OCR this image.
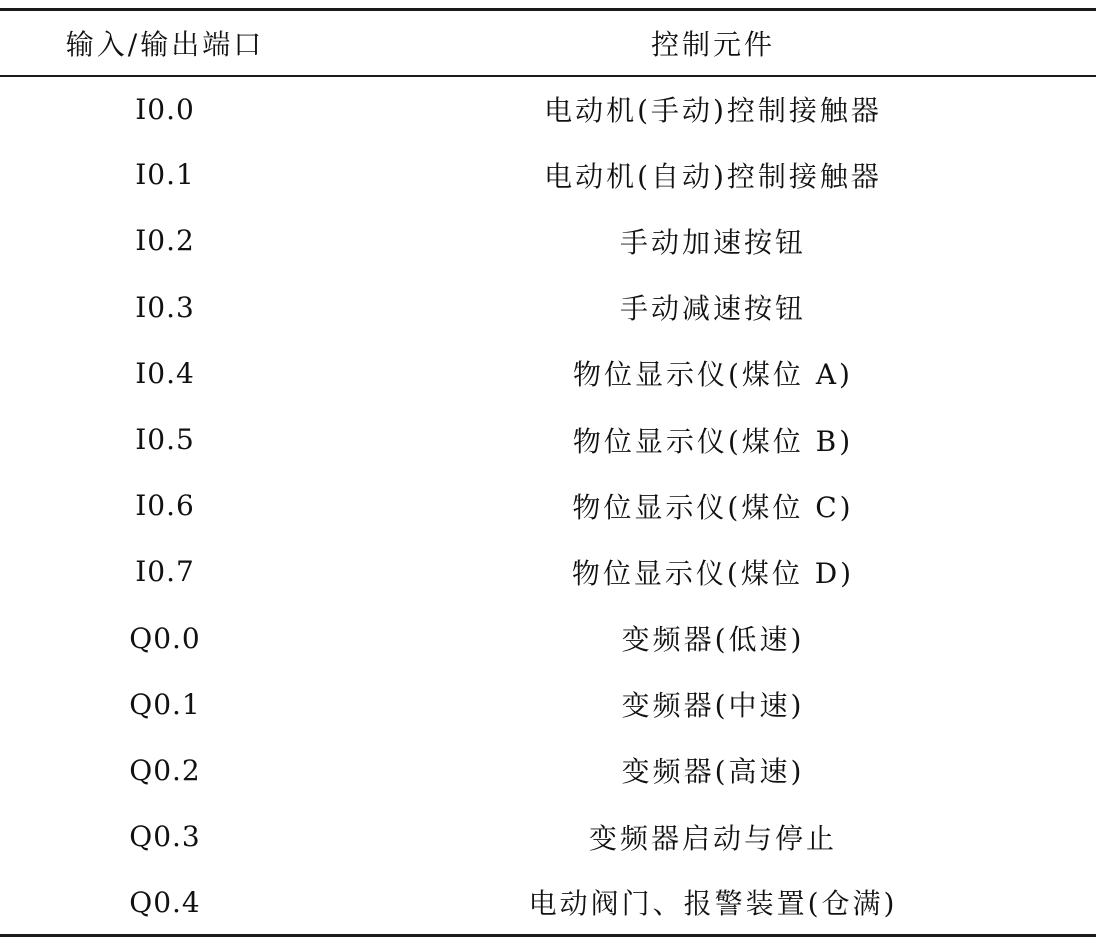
输入/输出端口	控制元件
I0.0	电动机(手动)控制接触器
I0.1	电动机(自动)控制接触器
I0.2	手动加速按钮
I0.3	手动减速按钮
I0.4	物位显示仪(煤位 A)
I0.5	物位显示仪(煤位 B)
I0.6	物位显示仪(煤位 C)
I0.7	物位显示仪(煤位 D)
Q0.0	变频器(低速)
Q0.1	变频器(中速)
Q0.2	变频器(高速)
Q0.3	变频器启动与停止
Q0.4	电动阀门、报警装置(仓满)
